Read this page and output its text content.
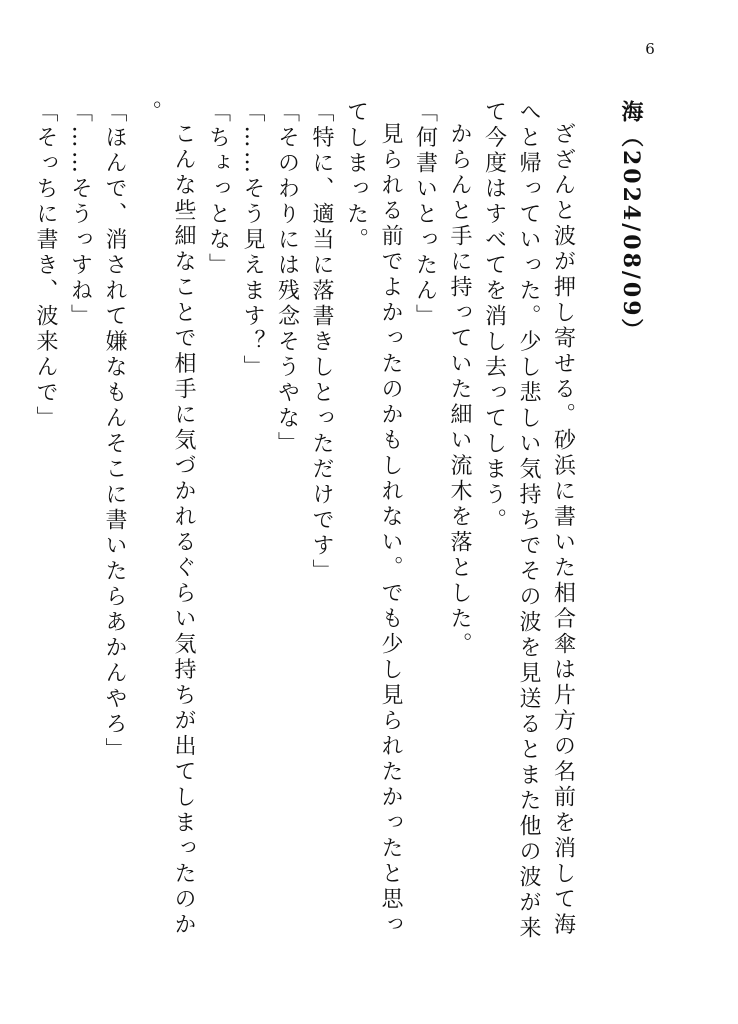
6

海（2024/08/09）

ざざんと波が押し寄せる。砂浜に書いた相合傘は片方の名前を消して海へと帰っていった。少し悲しい気持ちでその波を見送るとまた他の波が来て今度はすべてを消し去ってしまう。

からんと手に持っていた細い流木を落とした。

「何書いとったん」

見られる前でよかったのかもしれない。でも少し見られたかったと思ってしまった。

「特に、適当に落書きしとっただけです」

「そのわりには残念そうやな」

「……そう見えます？」

「ちょっとな」

こんな些細なことで相手に気づかれるぐらい気持ちが出てしまったのか。

「ほんで、消されて嫌なもんそこに書いたらあかんやろ」

「……そうっすね」

「そっちに書き、波来んで」
